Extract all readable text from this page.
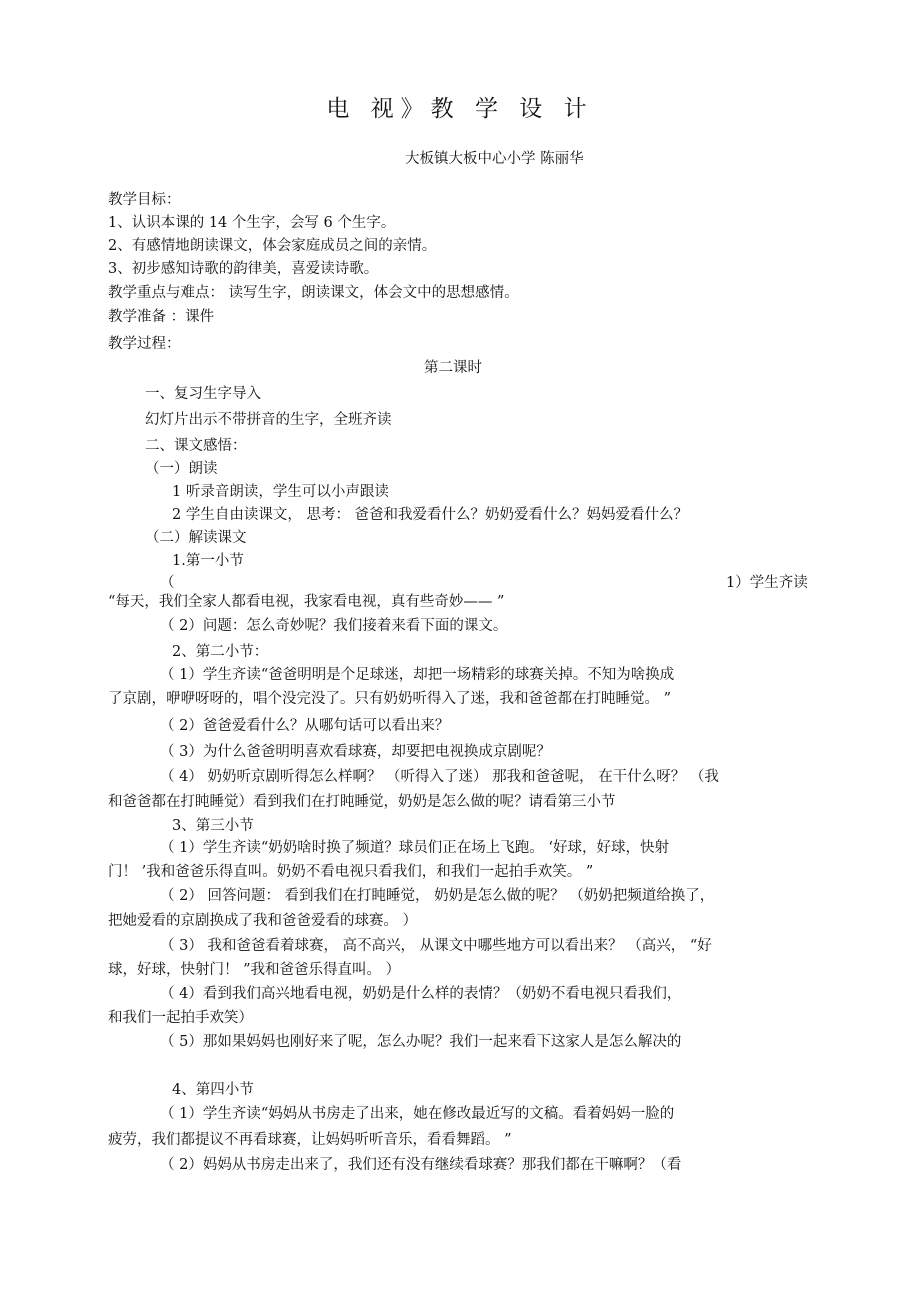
电 视》教 学 设 计
大板镇大板中心小学 陈丽华
教学目标：
1、认识本课的 14 个生字，会写 6 个生字。
2、有感情地朗读课文，体会家庭成员之间的亲情。
3、初步感知诗歌的韵律美，喜爱读诗歌。
教学重点与难点： 读写生字，朗读课文，体会文中的思想感情。
教学准备 ：课件
教学过程：
第二课时
一、复习生字导入
幻灯片出示不带拼音的生字，全班齐读
二、课文感悟：
（一）朗读
1 听录音朗读，学生可以小声跟读
2 学生自由读课文， 思考： 爸爸和我爱看什么？奶奶爱看什么？妈妈爱看什么？
（二）解读课文
1.第一小节
（	1）学生齐读
“每天，我们全家人都看电视，我家看电视，真有些奇妙—— ”
（ 2）问题：怎么奇妙呢？我们接着来看下面的课文。
2、第二小节：
（ 1）学生齐读“爸爸明明是个足球迷，却把一场精彩的球赛关掉。不知为啥换成
了京剧，咿咿呀呀的，唱个没完没了。只有奶奶听得入了迷，我和爸爸都在打盹睡觉。 ”
（ 2）爸爸爱看什么？从哪句话可以看出来？
（ 3）为什么爸爸明明喜欢看球赛，却要把电视换成京剧呢？
（ 4） 奶奶听京剧听得怎么样啊？ （听得入了迷） 那我和爸爸呢， 在干什么呀？ （我
和爸爸都在打盹睡觉）看到我们在打盹睡觉，奶奶是怎么做的呢？请看第三小节
3、第三小节
（ 1）学生齐读“奶奶啥时换了频道？球员们正在场上飞跑。 ‘好球，好球，快射
门！ ’我和爸爸乐得直叫。奶奶不看电视只看我们，和我们一起拍手欢笑。 ”
（ 2） 回答问题： 看到我们在打盹睡觉， 奶奶是怎么做的呢？ （奶奶把频道给换了，
把她爱看的京剧换成了我和爸爸爱看的球赛。 ）
（ 3） 我和爸爸看着球赛， 高不高兴， 从课文中哪些地方可以看出来？ （高兴， “好
球，好球，快射门！ ”我和爸爸乐得直叫。 ）
（ 4）看到我们高兴地看电视，奶奶是什么样的表情？（奶奶不看电视只看我们，
和我们一起拍手欢笑）
（ 5）那如果妈妈也刚好来了呢，怎么办呢？我们一起来看下这家人是怎么解决的
4、第四小节
（ 1）学生齐读“妈妈从书房走了出来，她在修改最近写的文稿。看着妈妈一脸的
疲劳，我们都提议不再看球赛，让妈妈听听音乐，看看舞蹈。 ”
（ 2）妈妈从书房走出来了，我们还有没有继续看球赛？那我们都在干嘛啊？（看
